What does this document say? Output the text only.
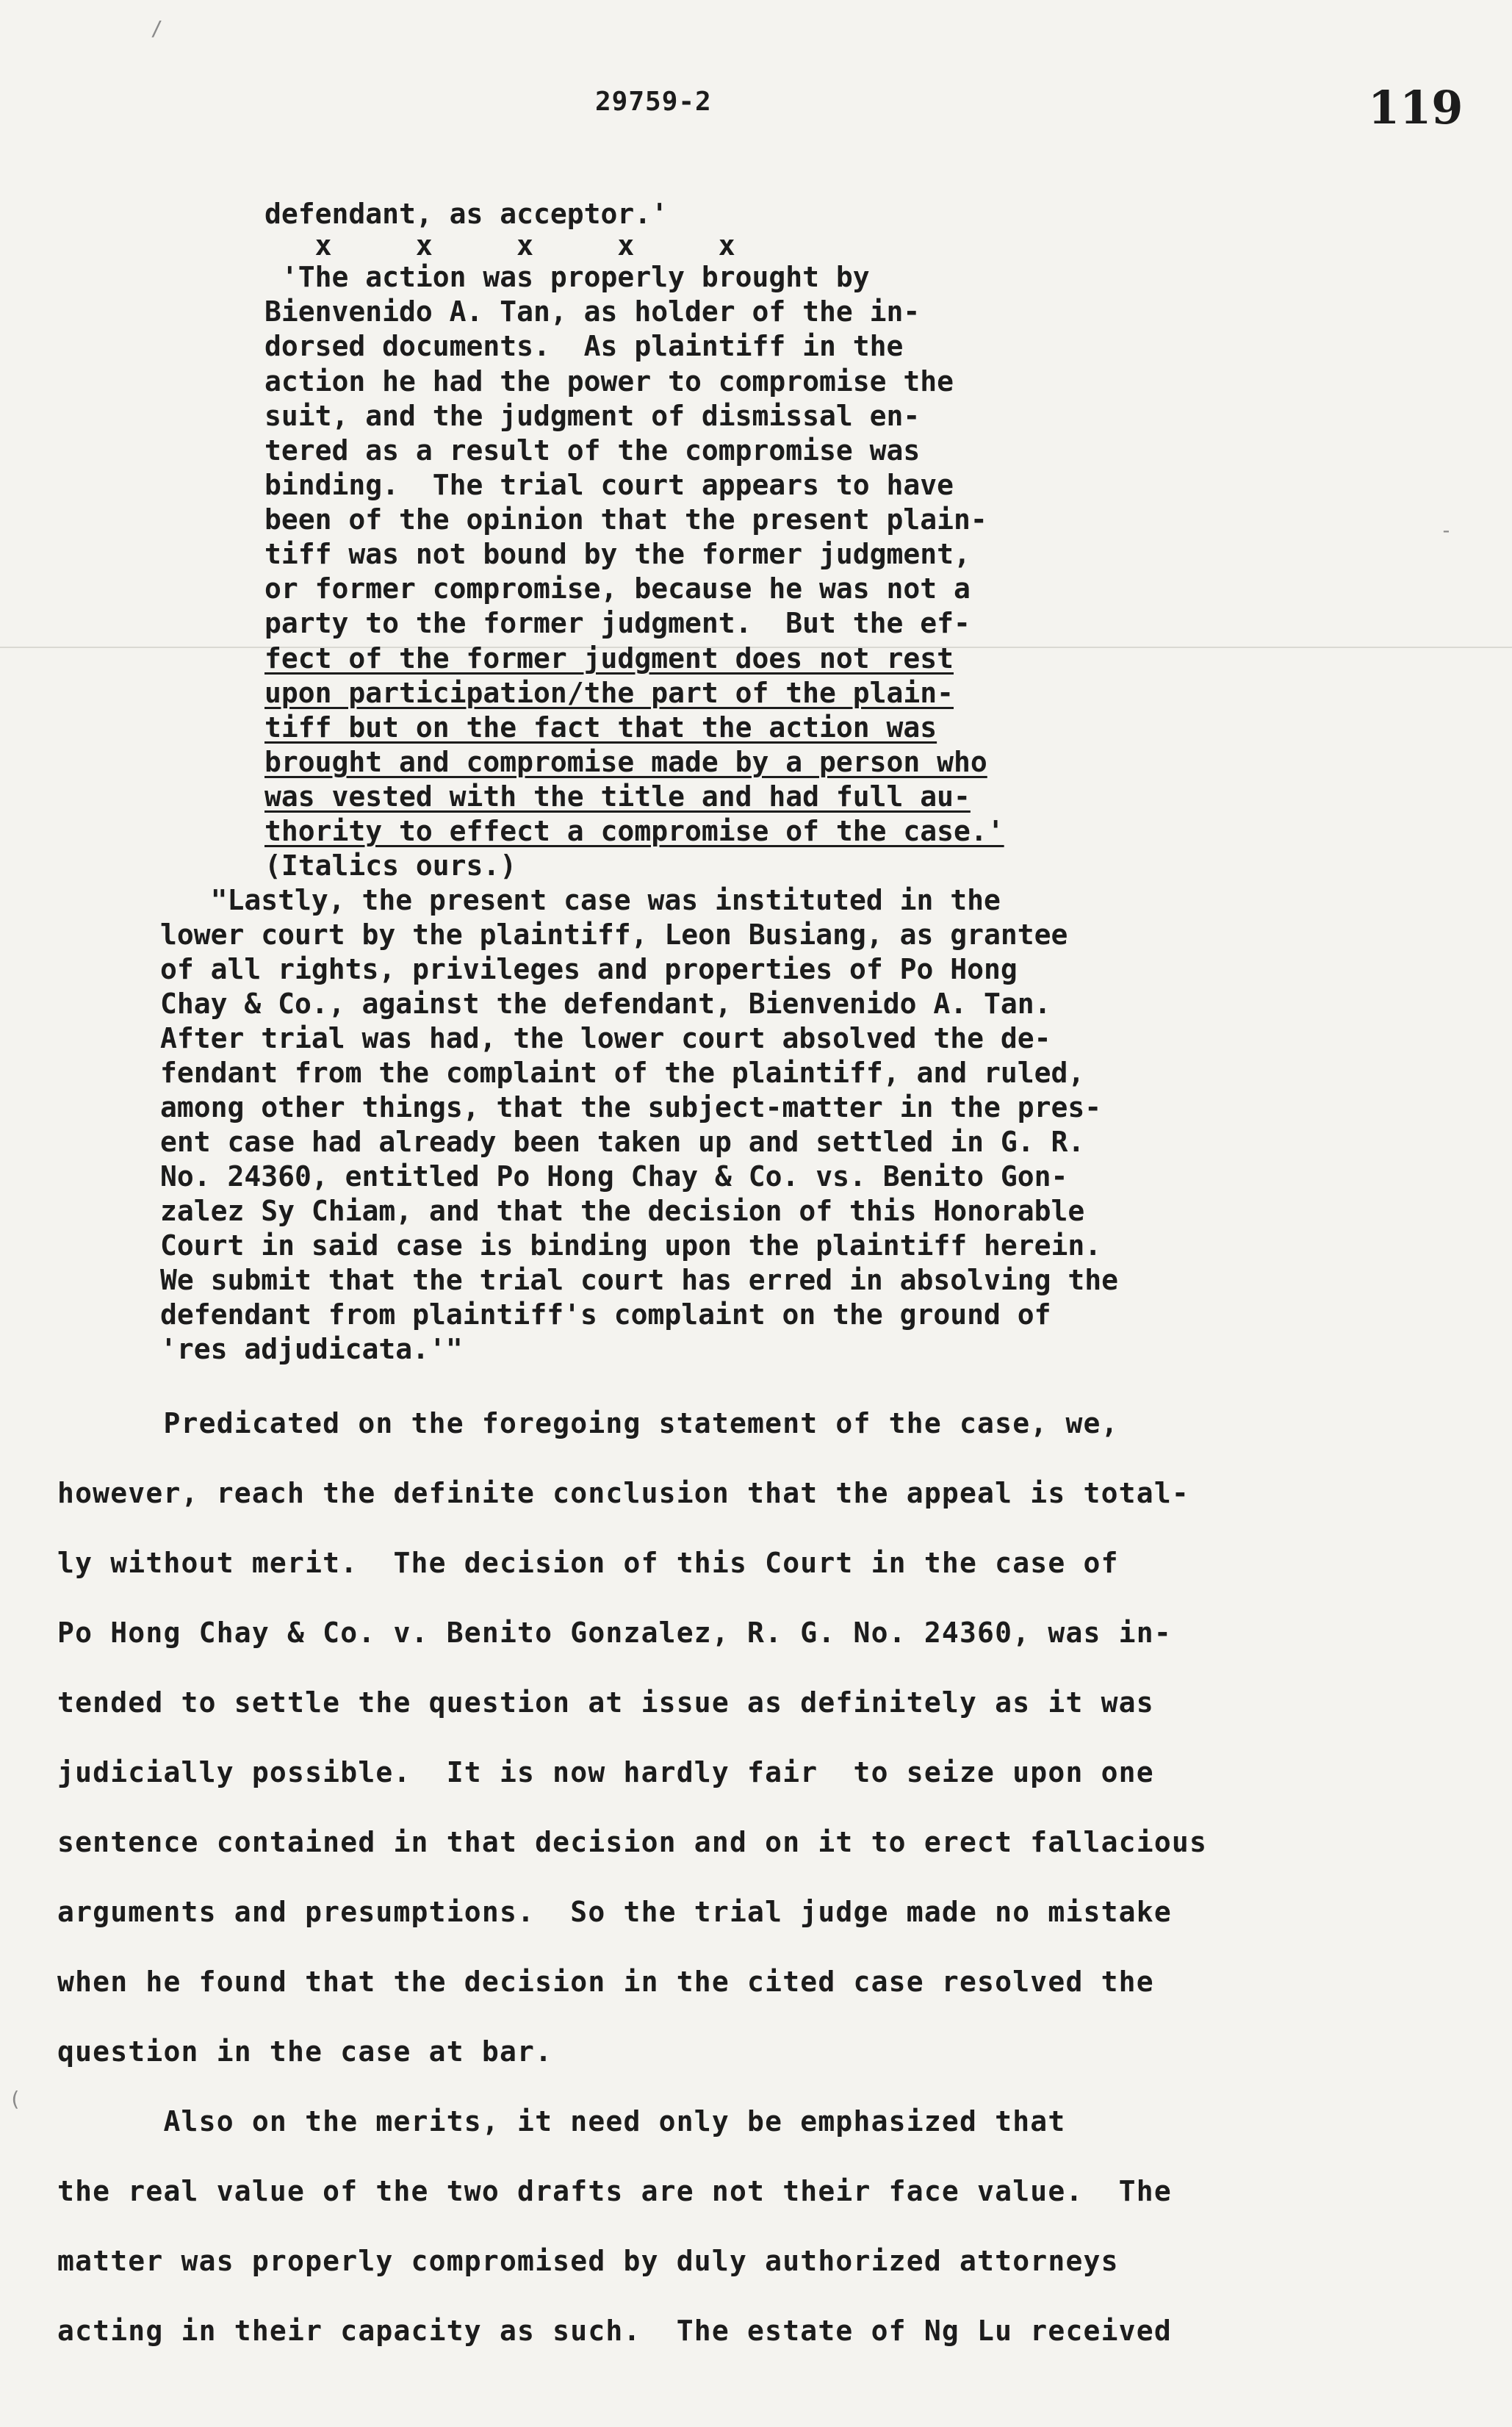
/
-
(
29759-2	119
defendant, as acceptor.'
x     x     x     x     x
'The action was properly brought by
Bienvenido A. Tan, as holder of the in-
dorsed documents.  As plaintiff in the
action he had the power to compromise the
suit, and the judgment of dismissal en-
tered as a result of the compromise was
binding.  The trial court appears to have
been of the opinion that the present plain-
tiff was not bound by the former judgment,
or former compromise, because he was not a
party to the former judgment.  But the ef-
fect of the former judgment does not rest
upon participation/the part of the plain-
tiff but on the fact that the action was
brought and compromise made by a person who
was vested with the title and had full au-
thority to effect a compromise of the case.'
(Italics ours.)
"Lastly, the present case was instituted in the
lower court by the plaintiff, Leon Busiang, as grantee
of all rights, privileges and properties of Po Hong
Chay & Co., against the defendant, Bienvenido A. Tan.
After trial was had, the lower court absolved the de-
fendant from the complaint of the plaintiff, and ruled,
among other things, that the subject-matter in the pres-
ent case had already been taken up and settled in G. R.
No. 24360, entitled Po Hong Chay & Co. vs. Benito Gon-
zalez Sy Chiam, and that the decision of this Honorable
Court in said case is binding upon the plaintiff herein.
We submit that the trial court has erred in absolving the
defendant from plaintiff's complaint on the ground of
'res adjudicata.'"
Predicated on the foregoing statement of the case, we,
however, reach the definite conclusion that the appeal is total-
ly without merit.  The decision of this Court in the case of
Po Hong Chay & Co. v. Benito Gonzalez, R. G. No. 24360, was in-
tended to settle the question at issue as definitely as it was
judicially possible.  It is now hardly fair  to seize upon one
sentence contained in that decision and on it to erect fallacious
arguments and presumptions.  So the trial judge made no mistake
when he found that the decision in the cited case resolved the
question in the case at bar.
Also on the merits, it need only be emphasized that
the real value of the two drafts are not their face value.  The
matter was properly compromised by duly authorized attorneys
acting in their capacity as such.  The estate of Ng Lu received
